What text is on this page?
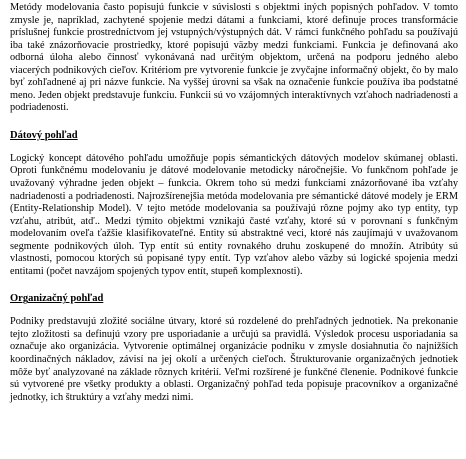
Metódy modelovania často popisujú funkcie v súvislosti s objektmi iných popisných pohľadov. V tomto zmysle je, napríklad, zachytené spojenie medzi dátami a funkciami, ktoré definuje proces transformácie príslušnej funkcie prostredníctvom jej vstupných/výstupných dát. V rámci funkčného pohľadu sa používajú iba také znázorňovacie prostriedky, ktoré popisujú väzby medzi funkciami. Funkcia je definovaná ako odborná úloha alebo činnosť vykonávaná nad určitým objektom, určená na podporu jedného alebo viacerých podnikových cieľov. Kritériom pre vytvorenie funkcie je zvyčajne informačný objekt, čo by malo byť zohľadnené aj pri názve funkcie. Na vyššej úrovni sa však na označenie funkcie používa iba podstatné meno. Jeden objekt predstavuje funkciu. Funkcii sú vo vzájomných interaktívnych vzťahoch nadriadenosti a podriadenosti.

Dátový pohľad

Logický koncept dátového pohľadu umožňuje popis sémantických dátových modelov skúmanej oblasti. Oproti funkčnému modelovaniu je dátové modelovanie metodicky náročnejšie. Vo funkčnom pohľade je uvažovaný výhradne jeden objekt – funkcia. Okrem toho sú medzi funkciami znázorňované iba vzťahy nadriadenosti a podriadenosti. Najrozšírenejšia metóda modelovania pre sémantické dátové modely je ERM (Entity-Relationship Model). V tejto metóde modelovania sa používajú rôzne pojmy ako typ entity, typ vzťahu, atribút, atď.. Medzi týmito objektmi vznikajú časté vzťahy, ktoré sú v porovnaní s funkčným modelovaním oveľa ťažšie klasifikovateľné. Entity sú abstraktné veci, ktoré nás zaujímajú v uvažovanom segmente podnikových úloh. Typ entít sú entity rovnakého druhu zoskupené do množín. Atribúty sú vlastnosti, pomocou ktorých sú popisané typy entít. Typ vzťahov alebo väzby sú logické spojenia medzi entitami (počet navzájom spojených typov entít, stupeň komplexnosti).

Organizačný pohľad

Podniky predstavujú zložité sociálne útvary, ktoré sú rozdelené do prehľadných jednotiek. Na prekonanie tejto zložitosti sa definujú vzory pre usporiadanie a určujú sa pravidlá. Výsledok procesu usporiadania sa označuje ako organizácia. Vytvorenie optimálnej organizácie podniku v zmysle dosiahnutia čo najnižších koordinačných nákladov, závisí na jej okolí a určených cieľoch. Štrukturovanie organizačných jednotiek môže byť analyzované na základe rôznych kritérií. Veľmi rozšírené je funkčné členenie. Podnikové funkcie sú vytvorené pre všetky produkty a oblasti. Organizačný pohľad teda popisuje pracovníkov a organizačné jednotky, ich štruktúry a vzťahy medzi nimi.
